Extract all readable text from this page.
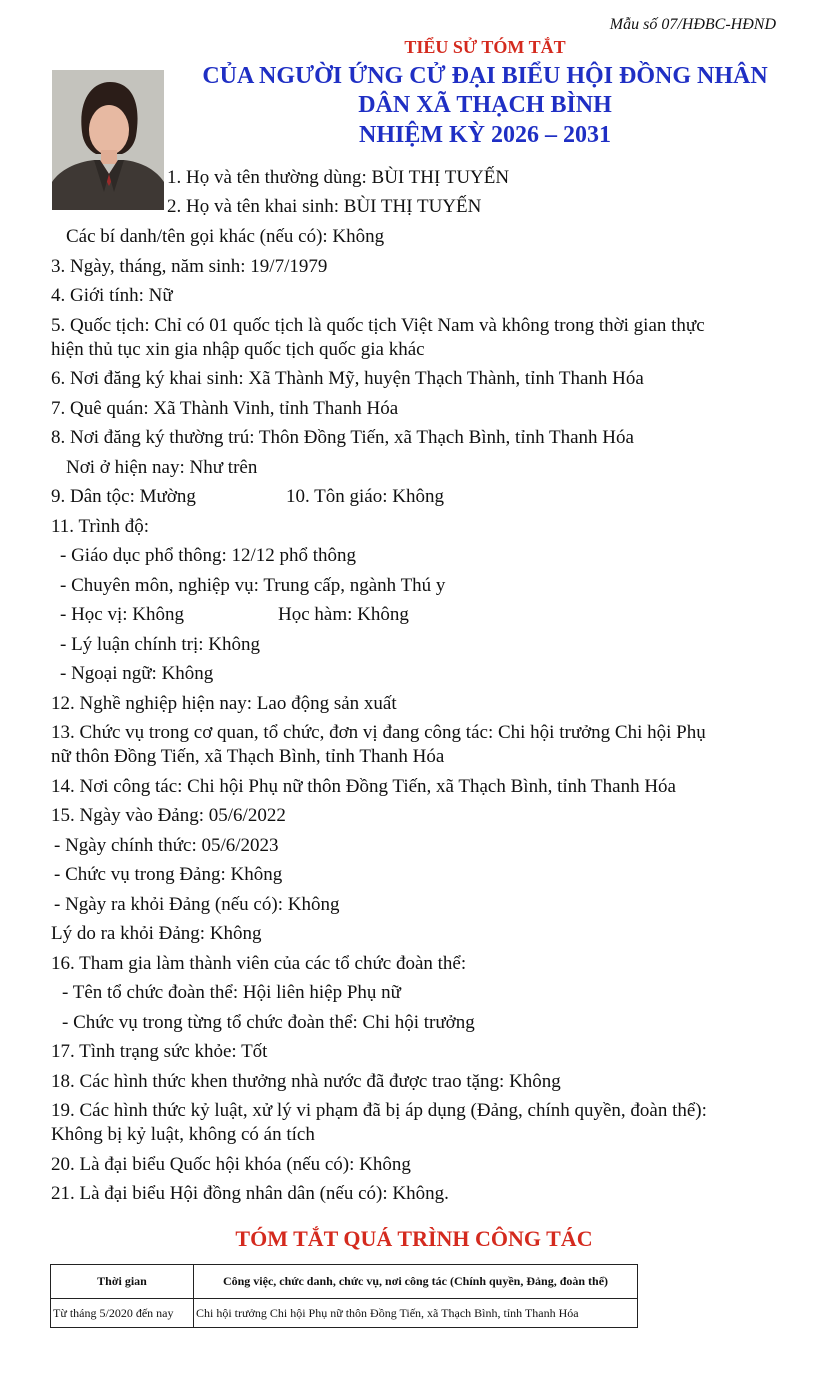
Mẫu số 07/HĐBC-HĐND
TIỂU SỬ TÓM TẮT
CỦA NGƯỜI ỨNG CỬ ĐẠI BIỂU HỘI ĐỒNG NHÂN
DÂN XÃ THẠCH BÌNH
NHIỆM KỲ 2026 – 2031
1. Họ và tên thường dùng: BÙI THỊ TUYẾN
2. Họ và tên khai sinh: BÙI THỊ TUYẾN
Các bí danh/tên gọi khác (nếu có): Không
3. Ngày, tháng, năm sinh: 19/7/1979
4. Giới tính: Nữ
5. Quốc tịch: Chỉ có 01 quốc tịch là quốc tịch Việt Nam và không trong thời gian thực
hiện thủ tục xin gia nhập quốc tịch quốc gia khác
6. Nơi đăng ký khai sinh: Xã Thành Mỹ, huyện Thạch Thành, tỉnh Thanh Hóa
7. Quê quán: Xã Thành Vinh, tỉnh Thanh Hóa
8. Nơi đăng ký thường trú: Thôn Đồng Tiến, xã Thạch Bình, tỉnh Thanh Hóa
Nơi ở hiện nay: Như trên
9. Dân tộc: Mường	10. Tôn giáo: Không
11. Trình độ:
- Giáo dục phổ thông: 12/12 phổ thông
- Chuyên môn, nghiệp vụ: Trung cấp, ngành Thú y
- Học vị: Không	Học hàm: Không
- Lý luận chính trị: Không
- Ngoại ngữ: Không
12. Nghề nghiệp hiện nay: Lao động sản xuất
13. Chức vụ trong cơ quan, tổ chức, đơn vị đang công tác: Chi hội trưởng Chi hội Phụ
nữ thôn Đồng Tiến, xã Thạch Bình, tỉnh Thanh Hóa
14. Nơi công tác: Chi hội Phụ nữ thôn Đồng Tiến, xã Thạch Bình, tỉnh Thanh Hóa
15. Ngày vào Đảng: 05/6/2022
- Ngày chính thức: 05/6/2023
- Chức vụ trong Đảng: Không
- Ngày ra khỏi Đảng (nếu có): Không
Lý do ra khỏi Đảng: Không
16. Tham gia làm thành viên của các tổ chức đoàn thể:
- Tên tổ chức đoàn thể: Hội liên hiệp Phụ nữ
- Chức vụ trong từng tổ chức đoàn thể: Chi hội trưởng
17. Tình trạng sức khỏe: Tốt
18. Các hình thức khen thưởng nhà nước đã được trao tặng: Không
19. Các hình thức kỷ luật, xử lý vi phạm đã bị áp dụng (Đảng, chính quyền, đoàn thể):
Không bị kỷ luật, không có án tích
20. Là đại biểu Quốc hội khóa (nếu có): Không
21. Là đại biểu Hội đồng nhân dân (nếu có): Không.
TÓM TẮT QUÁ TRÌNH CÔNG TÁC
Thời gian	Công việc, chức danh, chức vụ, nơi công tác (Chính quyền, Đảng, đoàn thể)
Từ tháng 5/2020 đến nay	Chi hội trưởng Chi hội Phụ nữ thôn Đồng Tiến, xã Thạch Bình, tỉnh Thanh Hóa
